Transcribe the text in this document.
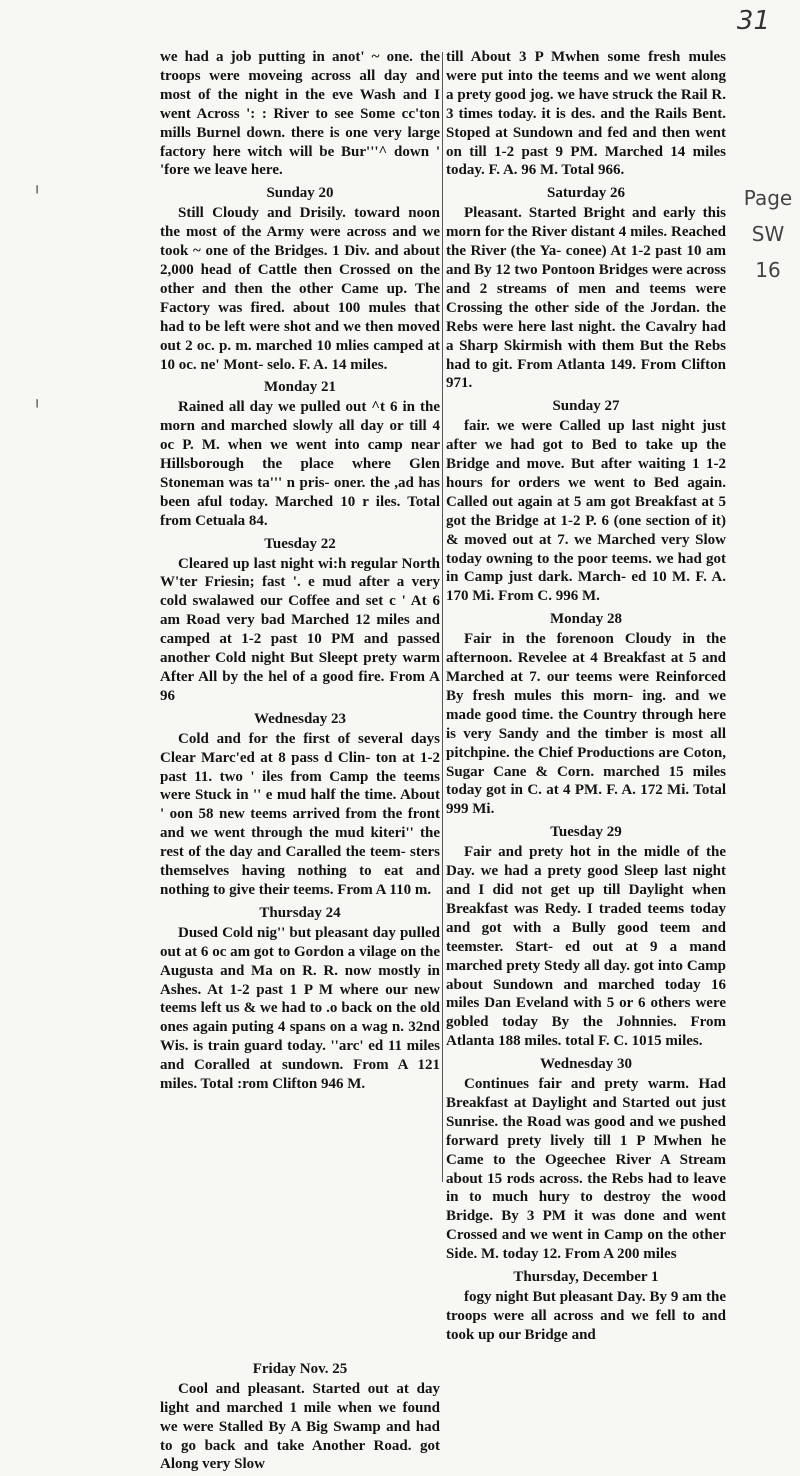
31
Page
SW
16
╷
╷
we had a job putting in anot' ~ one. the troops were moveing across all day and most of the night in the eve Wash and I went Across ': : River to see Some cc'ton mills Burnel down. there is one very large factory here witch will be Bur'''^ down ' 'fore we leave here.
Sunday 20
Still Cloudy and Drisily. toward noon the most of the Army were across and we took ~ one of the Bridges. 1 Div. and about 2,000 head of Cattle then Crossed on the other and then the other Came up. The Factory was fired. about 100 mules that had to be left were shot and we then moved out 2 oc. p. m. marched 10 mlies camped at 10 oc. ne' Mont- selo. F. A. 14 miles.
Monday 21
Rained all day we pulled out ^t 6 in the morn and marched slowly all day or till 4 oc P. M. when we went into camp near Hillsborough the place where Glen Stoneman was ta''' n pris- oner. the ,ad has been aful today. Marched 10 r iles. Total from Cetuala 84.
Tuesday 22
Cleared up last night wi:h regular North W'ter Friesin; fast '. e mud after a very cold swalawed our Coffee and set c ' At 6 am Road very bad Marched 12 miles and camped at 1-2 past 10 PM and passed another Cold night But Sleept prety warm After All by the hel of a good fire. From A 96
Wednesday 23
Cold and for the first of several days Clear Marc'ed at 8 pass d Clin- ton at 1-2 past 11. two ' iles from Camp the teems were Stuck in '' e mud half the time. About ' oon 58 new teems arrived from the front and we went through the mud kiteri'' the rest of the day and Caralled the teem- sters themselves having nothing to eat and nothing to give their teems. From A 110 m.
Thursday 24
Dused Cold nig'' but pleasant day pulled out at 6 oc am got to Gordon a vilage on the Augusta and Ma on R. R. now mostly in Ashes. At 1-2 past 1 P M where our new teems left us & we had to .o back on the old ones again puting 4 spans on a wag n. 32nd Wis. is train guard today. ''arc' ed 11 miles and Coralled at sundown. From A 121 miles. Total :rom Clifton 946 M.
Friday Nov. 25
Cool and pleasant. Started out at day light and marched 1 mile when we found we were Stalled By A Big Swamp and had to go back and take Another Road. got Along very Slow
till About 3 P Mwhen some fresh mules were put into the teems and we went along a prety good jog. we have struck the Rail R. 3 times today. it is des. and the Rails Bent. Stoped at Sundown and fed and then went on till 1-2 past 9 PM. Marched 14 miles today. F. A. 96 M. Total 966.
Saturday 26
Pleasant. Started Bright and early this morn for the River distant 4 miles. Reached the River (the Ya- conee) At 1-2 past 10 am and By 12 two Pontoon Bridges were across and 2 streams of men and teems were Crossing the other side of the Jordan. the Rebs were here last night. the Cavalry had a Sharp Skirmish with them But the Rebs had to git. From Atlanta 149. From Clifton 971.
Sunday 27
fair. we were Called up last night just after we had got to Bed to take up the Bridge and move. But after waiting 1 1-2 hours for orders we went to Bed again. Called out again at 5 am got Breakfast at 5 got the Bridge at 1-2 P. 6 (one section of it) & moved out at 7. we Marched very Slow today owning to the poor teems. we had got in Camp just dark. March- ed 10 M. F. A. 170 Mi. From C. 996 M.
Monday 28
Fair in the forenoon Cloudy in the afternoon. Revelee at 4 Breakfast at 5 and Marched at 7. our teems were Reinforced By fresh mules this morn- ing. and we made good time. the Country through here is very Sandy and the timber is most all pitchpine. the Chief Productions are Coton, Sugar Cane & Corn. marched 15 miles today got in C. at 4 PM. F. A. 172 Mi. Total 999 Mi.
Tuesday 29
Fair and prety hot in the midle of the Day. we had a prety good Sleep last night and I did not get up till Daylight when Breakfast was Redy. I traded teems today and got with a Bully good teem and teemster. Start- ed out at 9 a mand marched prety Stedy all day. got into Camp about Sundown and marched today 16 miles Dan Eveland with 5 or 6 others were gobled today By the Johnnies. From Atlanta 188 miles. total F. C. 1015 miles.
Wednesday 30
Continues fair and prety warm. Had Breakfast at Daylight and Started out just Sunrise. the Road was good and we pushed forward prety lively till 1 P Mwhen he Came to the Ogeechee River A Stream about 15 rods across. the Rebs had to leave in to much hury to destroy the wood Bridge. By 3 PM it was done and went Crossed and we went in Camp on the other Side. M. today 12. From A 200 miles
Thursday, December 1
fogy night But pleasant Day. By 9 am the troops were all across and we fell to and took up our Bridge and
